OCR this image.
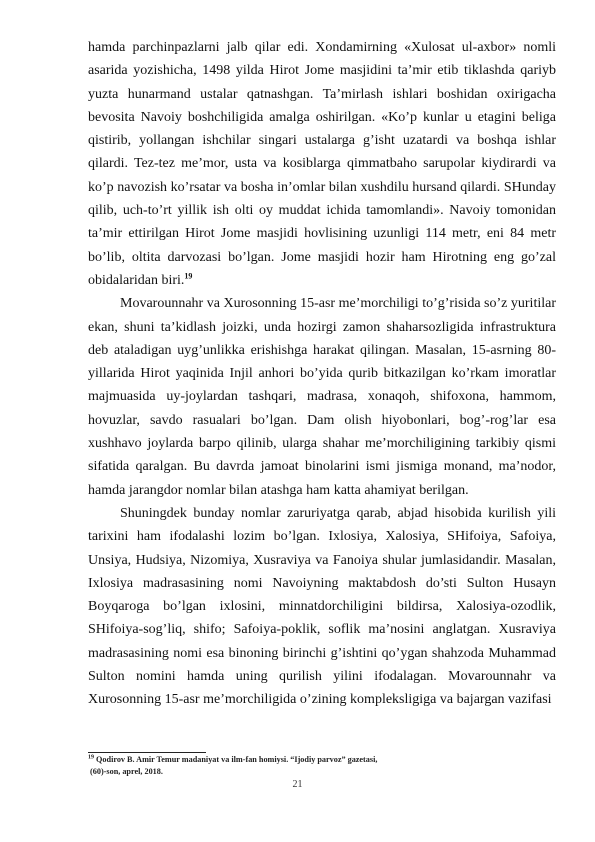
hamda parchinpazlarni jalb qilar edi. Xondamirning «Xulosat ul-axbor» nomli asarida yozishicha, 1498 yilda Hirot Jome masjidini ta’mir etib tiklashda qariyb yuzta hunarmand ustalar qatnashgan. Ta’mirlash ishlari boshidan oxirigacha bevosita Navoiy boshchiligida amalga oshirilgan. «Ko’p kunlar u etagini beliga qistirib, yollangan ishchilar singari ustalarga g’isht uzatardi va boshqa ishlar qilardi. Tez-tez me’mor, usta va kosiblarga qimmatbaho sarupolar kiydirardi va ko’p navozish ko’rsatar va bosha in’omlar bilan xushdilu hursand qilardi. SHunday qilib, uch-to’rt yillik ish olti oy muddat ichida tamomlandi». Navoiy tomonidan ta’mir ettirilgan Hirot Jome masjidi hovlisining uzunligi 114 metr, eni 84 metr bo’lib, oltita darvozasi bo’lgan. Jome masjidi hozir ham Hirotning eng go’zal obidalaridan biri.$^{19}$

Movarounnahr va Xurosonning 15-asr me’morchiligi to’g’risida so’z yuritilar ekan, shuni ta’kidlash joizki, unda hozirgi zamon shaharsozligida infrastruktura deb ataladigan uyg’unlikka erishishga harakat qilingan. Masalan, 15-asrning 80-yillarida Hirot yaqinida Injil anhori bo’yida qurib bitkazilgan ko’rkam imoratlar majmuasida uy-joylardan tashqari, madrasa, xonaqoh, shifoxona, hammom, hovuzlar, savdo rasualari bo’lgan. Dam olish hiyobonlari, bog’-rog’lar esa xushhavo joylarda barpo qilinib, ularga shahar me’morchiligining tarkibiy qismi sifatida qaralgan. Bu davrda jamoat binolarini ismi jismiga monand, ma’nodor, hamda jarangdor nomlar bilan atashga ham katta ahamiyat berilgan.

Shuningdek bunday nomlar zaruriyatga qarab, abjad hisobida kurilish yili tarixini ham ifodalashi lozim bo’lgan. Ixlosiya, Xalosiya, SHifoiya, Safoiya, Unsiya, Hudsiya, Nizomiya, Xusraviya va Fanoiya shular jumlasidandir. Masalan, Ixlosiya madrasasining nomi Navoiyning maktabdosh do’sti Sulton Husayn Boyqaroga bo’lgan ixlosini, minnatdorchiligini bildirsa, Xalosiya-ozodlik, SHifoiya-sog’liq, shifo; Safoiya-poklik, soflik ma’nosini anglatgan. Xusraviya madrasasining nomi esa binoning birinchi g’ishtini qo’ygan shahzoda Muhammad Sulton nomini hamda uning qurilish yilini ifodalagan. Movarounnahr va Xurosonning 15-asr me’morchiligida o’zining kompleksligiga va bajargan vazifasi

$^{19}$ Qodirov B. Amir Temur madaniyat va ilm-fan homiysi. “Ijodiy parvoz” gazetasi,
(60)-son, aprel, 2018.
21
